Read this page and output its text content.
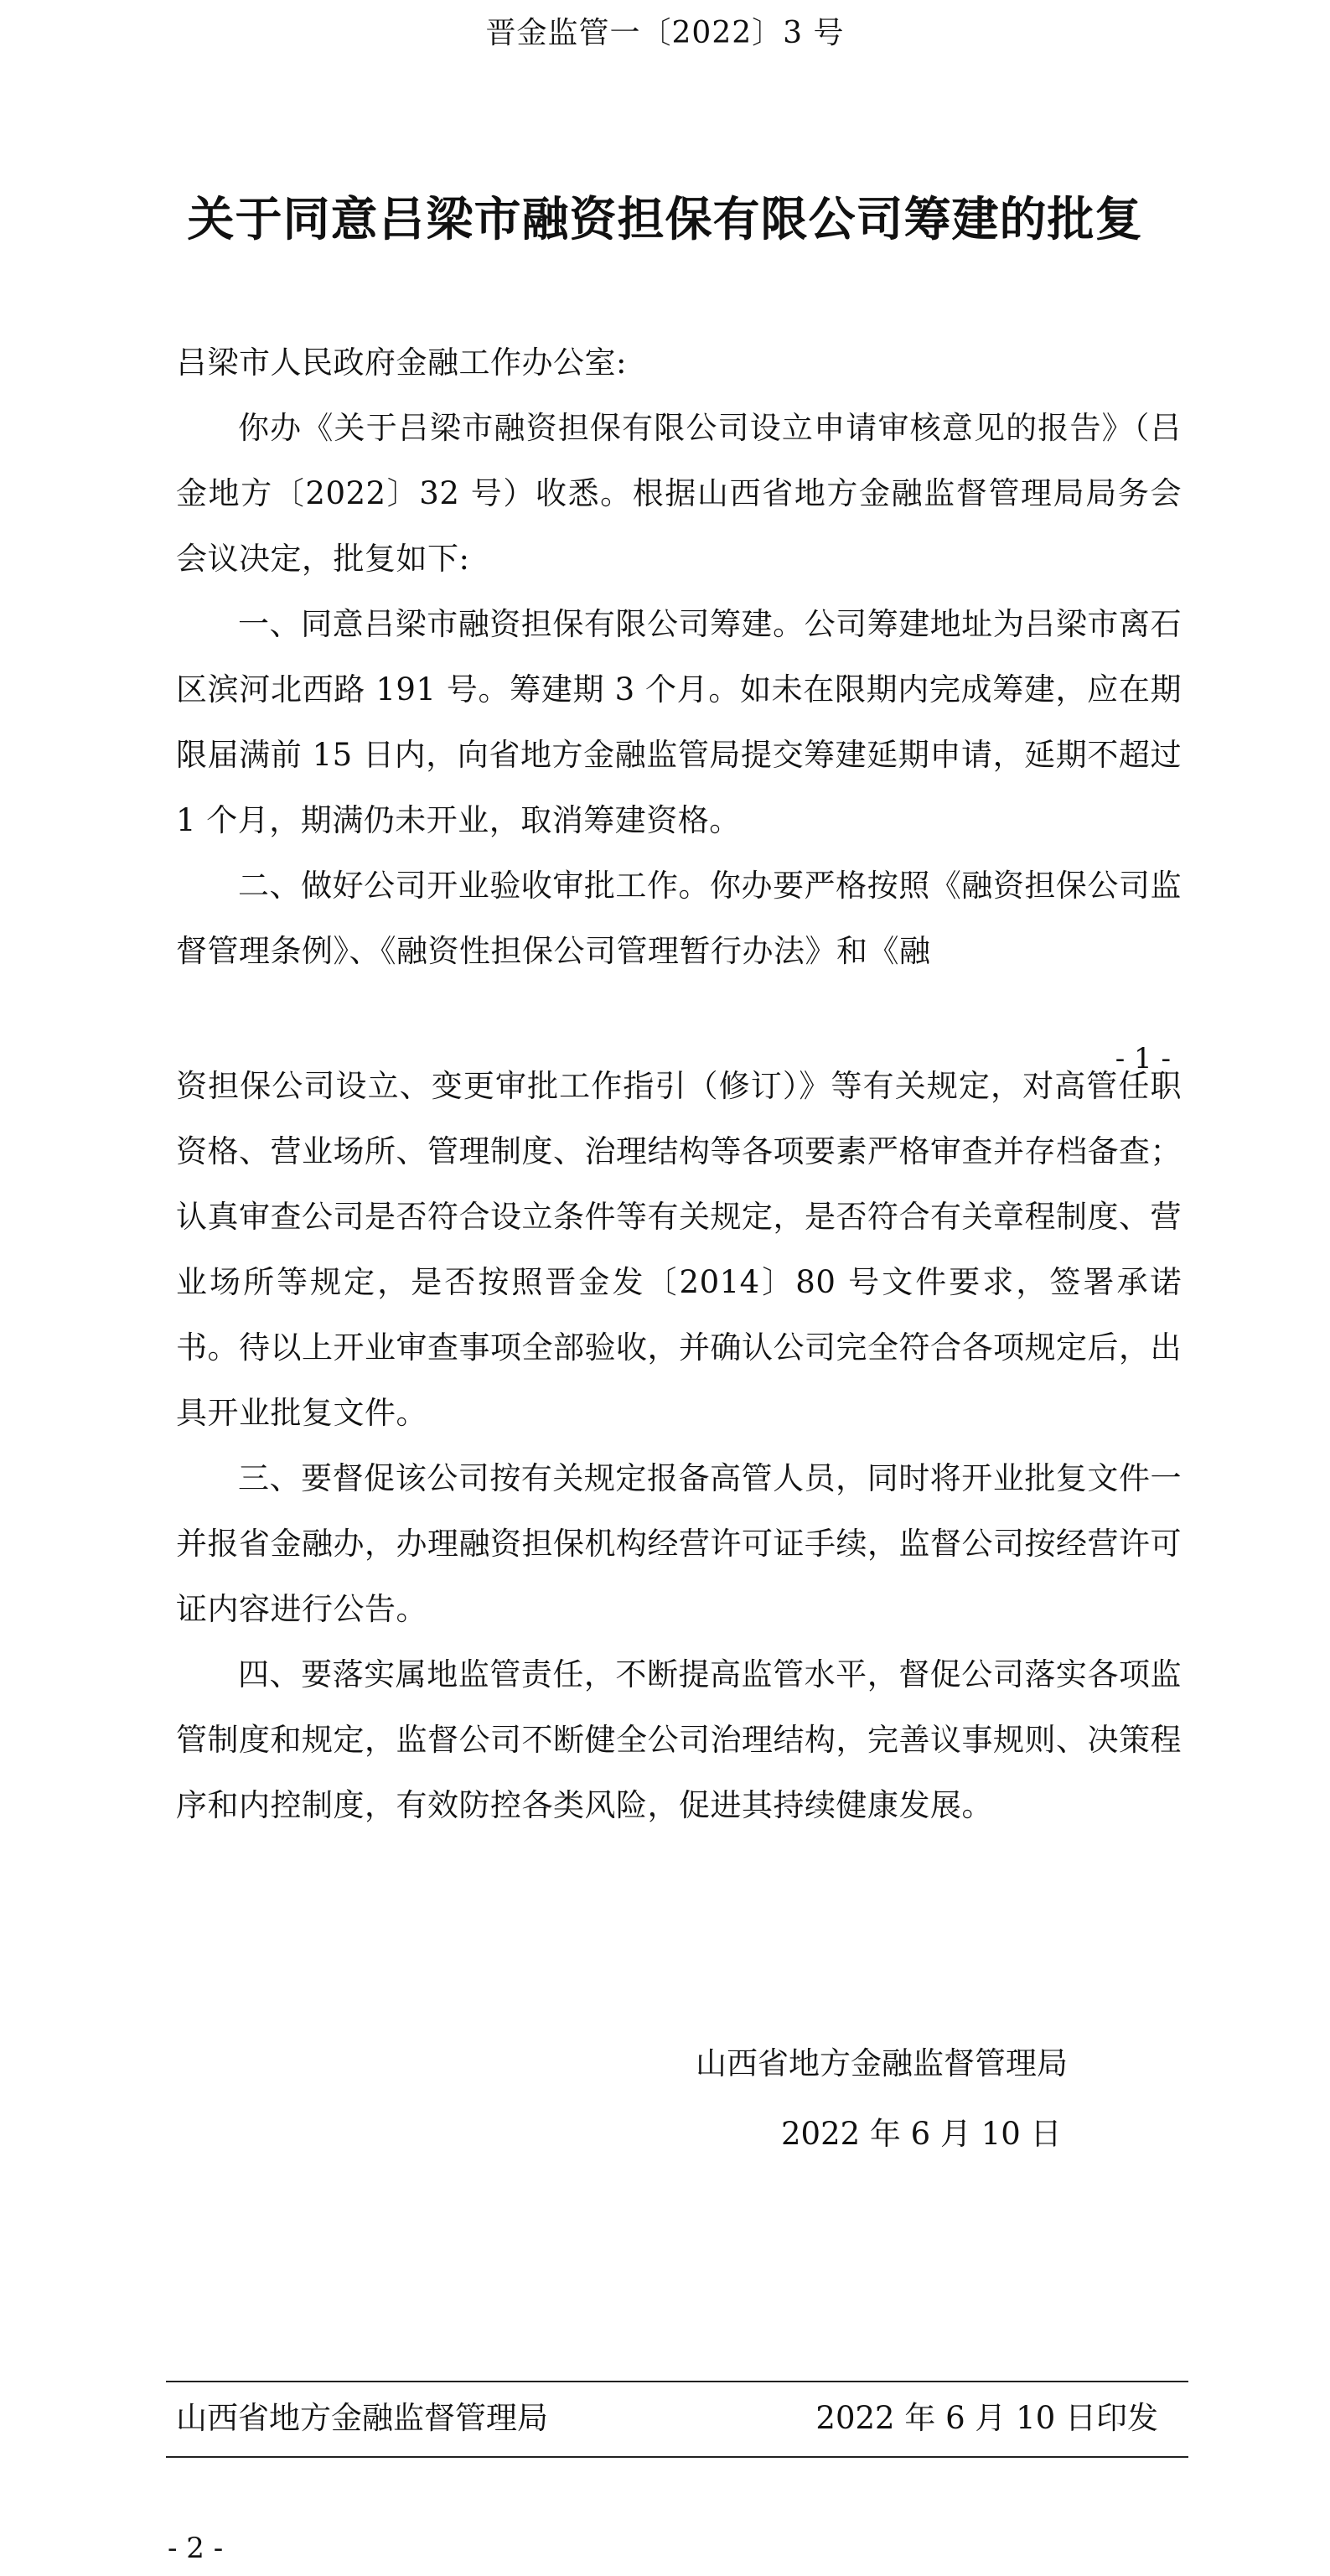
晋金监管一〔2022〕3 号
关于同意吕梁市融资担保有限公司筹建的批复
吕梁市人民政府金融工作办公室:

你办《关于吕梁市融资担保有限公司设立申请审核意见的报告》（吕金地方〔2022〕32 号）收悉。根据山西省地方金融监督管理局局务会会议决定，批复如下:

一、同意吕梁市融资担保有限公司筹建。公司筹建地址为吕梁市离石区滨河北西路 191 号。筹建期 3 个月。如未在限期内完成筹建，应在期限届满前 15 日内，向省地方金融监管局提交筹建延期申请，延期不超过 1 个月，期满仍未开业，取消筹建资格。

二、做好公司开业验收审批工作。你办要严格按照《融资担保公司监督管理条例》、《融资性担保公司管理暂行办法》和《融

- 1 -

资担保公司设立、变更审批工作指引（修订）》等有关规定，对高管任职资格、营业场所、管理制度、治理结构等各项要素严格审查并存档备查；认真审查公司是否符合设立条件等有关规定，是否符合有关章程制度、营业场所等规定，是否按照晋金发〔2014〕80 号文件要求，签署承诺书。待以上开业审查事项全部验收，并确认公司完全符合各项规定后，出具开业批复文件。

三、要督促该公司按有关规定报备高管人员，同时将开业批复文件一并报省金融办，办理融资担保机构经营许可证手续，监督公司按经营许可证内容进行公告。

四、要落实属地监管责任，不断提高监管水平，督促公司落实各项监管制度和规定，监督公司不断健全公司治理结构，完善议事规则、决策程序和内控制度，有效防控各类风险，促进其持续健康发展。

山西省地方金融监督管理局
2022 年 6 月 10 日
山西省地方金融监督管理局	2022 年 6 月 10 日印发
- 2 -
